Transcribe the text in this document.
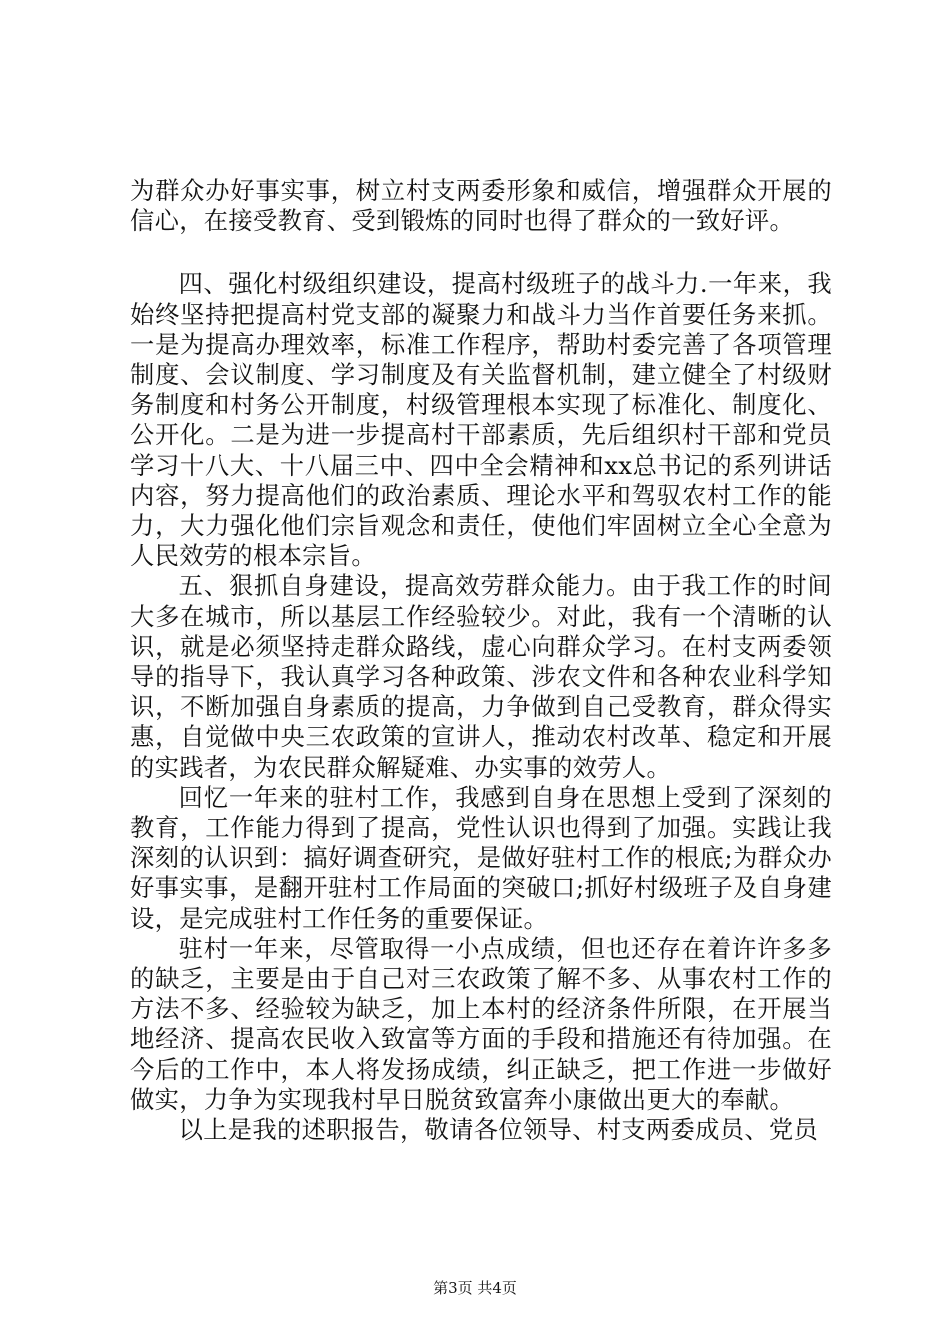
为群众办好事实事，树立村支两委形象和威信，增强群众开展的信心，在接受教育、受到锻炼的同时也得了群众的一致好评。

四、强化村级组织建设，提高村级班子的战斗力.一年来，我始终坚持把提高村党支部的凝聚力和战斗力当作首要任务来抓。一是为提高办理效率，标准工作程序，帮助村委完善了各项管理制度、会议制度、学习制度及有关监督机制，建立健全了村级财务制度和村务公开制度，村级管理根本实现了标准化、制度化、公开化。二是为进一步提高村干部素质，先后组织村干部和党员学习十八大、十八届三中、四中全会精神和xx总书记的系列讲话内容，努力提高他们的政治素质、理论水平和驾驭农村工作的能力，大力强化他们宗旨观念和责任，使他们牢固树立全心全意为人民效劳的根本宗旨。

五、狠抓自身建设，提高效劳群众能力。由于我工作的时间大多在城市，所以基层工作经验较少。对此，我有一个清晰的认识，就是必须坚持走群众路线，虚心向群众学习。在村支两委领导的指导下，我认真学习各种政策、涉农文件和各种农业科学知识，不断加强自身素质的提高，力争做到自己受教育，群众得实惠，自觉做中央三农政策的宣讲人，推动农村改革、稳定和开展的实践者，为农民群众解疑难、办实事的效劳人。

回忆一年来的驻村工作，我感到自身在思想上受到了深刻的教育，工作能力得到了提高，党性认识也得到了加强。实践让我深刻的认识到：搞好调查研究，是做好驻村工作的根底;为群众办好事实事，是翻开驻村工作局面的突破口;抓好村级班子及自身建设，是完成驻村工作任务的重要保证。

驻村一年来，尽管取得一小点成绩，但也还存在着许许多多的缺乏，主要是由于自己对三农政策了解不多、从事农村工作的方法不多、经验较为缺乏，加上本村的经济条件所限，在开展当地经济、提高农民收入致富等方面的手段和措施还有待加强。在今后的工作中，本人将发扬成绩，纠正缺乏，把工作进一步做好做实，力争为实现我村早日脱贫致富奔小康做出更大的奉献。

以上是我的述职报告，敬请各位领导、村支两委成员、党员

第3页 共4页
